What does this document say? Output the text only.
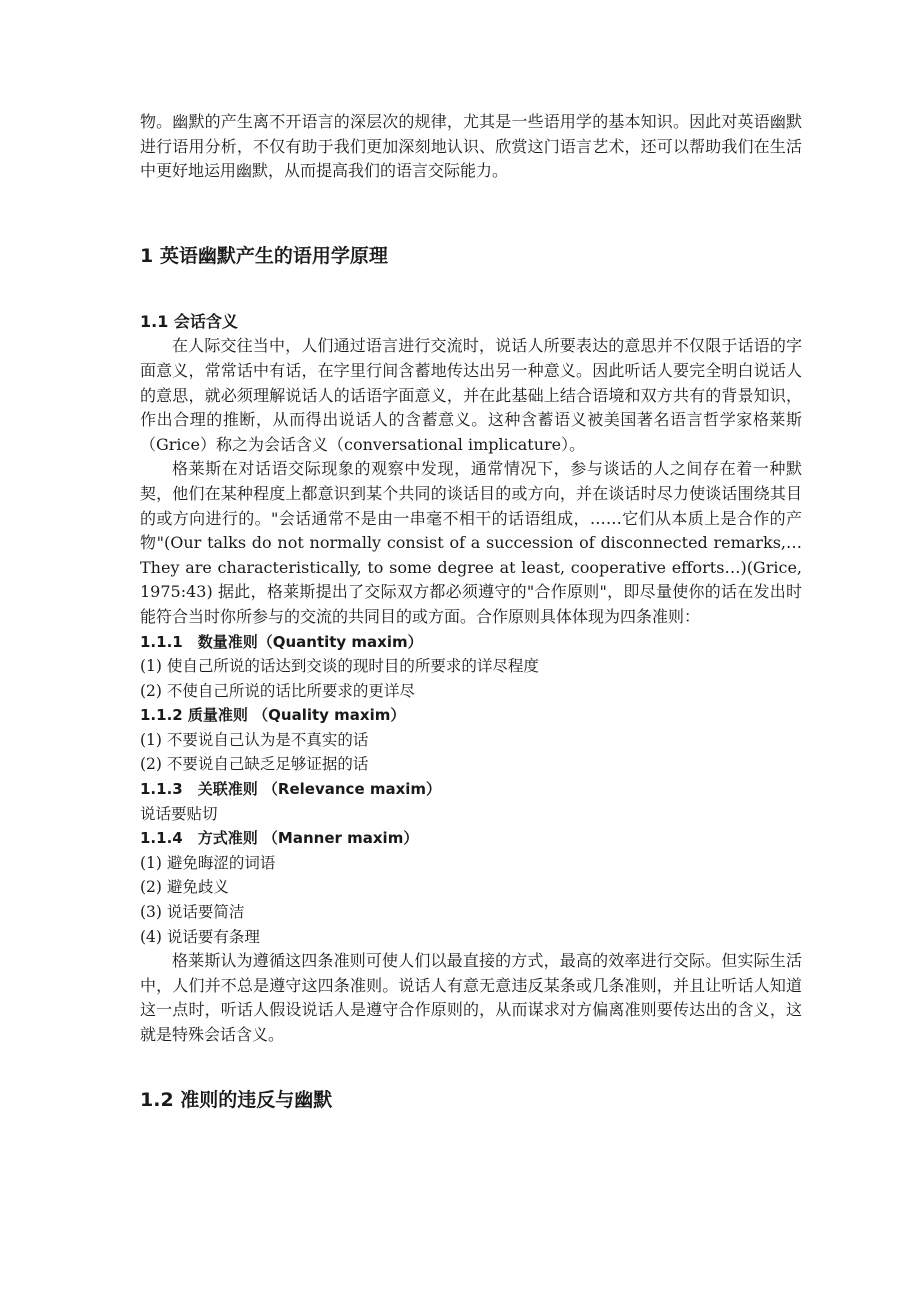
物。幽默的产生离不开语言的深层次的规律，尤其是一些语用学的基本知识。因此对英语幽默进行语用分析，不仅有助于我们更加深刻地认识、欣赏这门语言艺术，还可以帮助我们在生活中更好地运用幽默，从而提高我们的语言交际能力。

1 英语幽默产生的语用学原理
1.1 会话含义

在人际交往当中，人们通过语言进行交流时，说话人所要表达的意思并不仅限于话语的字面意义，常常话中有话，在字里行间含蓄地传达出另一种意义。因此听话人要完全明白说话人的意思，就必须理解说话人的话语字面意义，并在此基础上结合语境和双方共有的背景知识，作出合理的推断，从而得出说话人的含蓄意义。这种含蓄语义被美国著名语言哲学家格莱斯（Grice）称之为会话含义（conversational implicature）。

格莱斯在对话语交际现象的观察中发现，通常情况下，参与谈话的人之间存在着一种默契，他们在某种程度上都意识到某个共同的谈话目的或方向，并在谈话时尽力使谈话围绕其目的或方向进行的。"会话通常不是由一串毫不相干的话语组成，……它们从本质上是合作的产物"(Our talks do not normally consist of a succession of disconnected remarks,…They are characteristically, to some degree at least, cooperative efforts…)(Grice, 1975:43) 据此，格莱斯提出了交际双方都必须遵守的"合作原则"，即尽量使你的话在发出时能符合当时你所参与的交流的共同目的或方面。合作原则具体体现为四条准则：

1.1.1　数量准则（Quantity maxim）

(1) 使自己所说的话达到交谈的现时目的所要求的详尽程度

(2) 不使自己所说的话比所要求的更详尽

1.1.2 质量准则 （Quality maxim）

(1) 不要说自己认为是不真实的话

(2) 不要说自己缺乏足够证据的话

1.1.3　关联准则 （Relevance maxim）

说话要贴切

1.1.4　方式准则 （Manner maxim）

(1) 避免晦涩的词语

(2) 避免歧义

(3) 说话要简洁

(4) 说话要有条理

格莱斯认为遵循这四条准则可使人们以最直接的方式，最高的效率进行交际。但实际生活中，人们并不总是遵守这四条准则。说话人有意无意违反某条或几条准则，并且让听话人知道这一点时，听话人假设说话人是遵守合作原则的，从而谋求对方偏离准则要传达出的含义，这就是特殊会话含义。

1.2 准则的违反与幽默
